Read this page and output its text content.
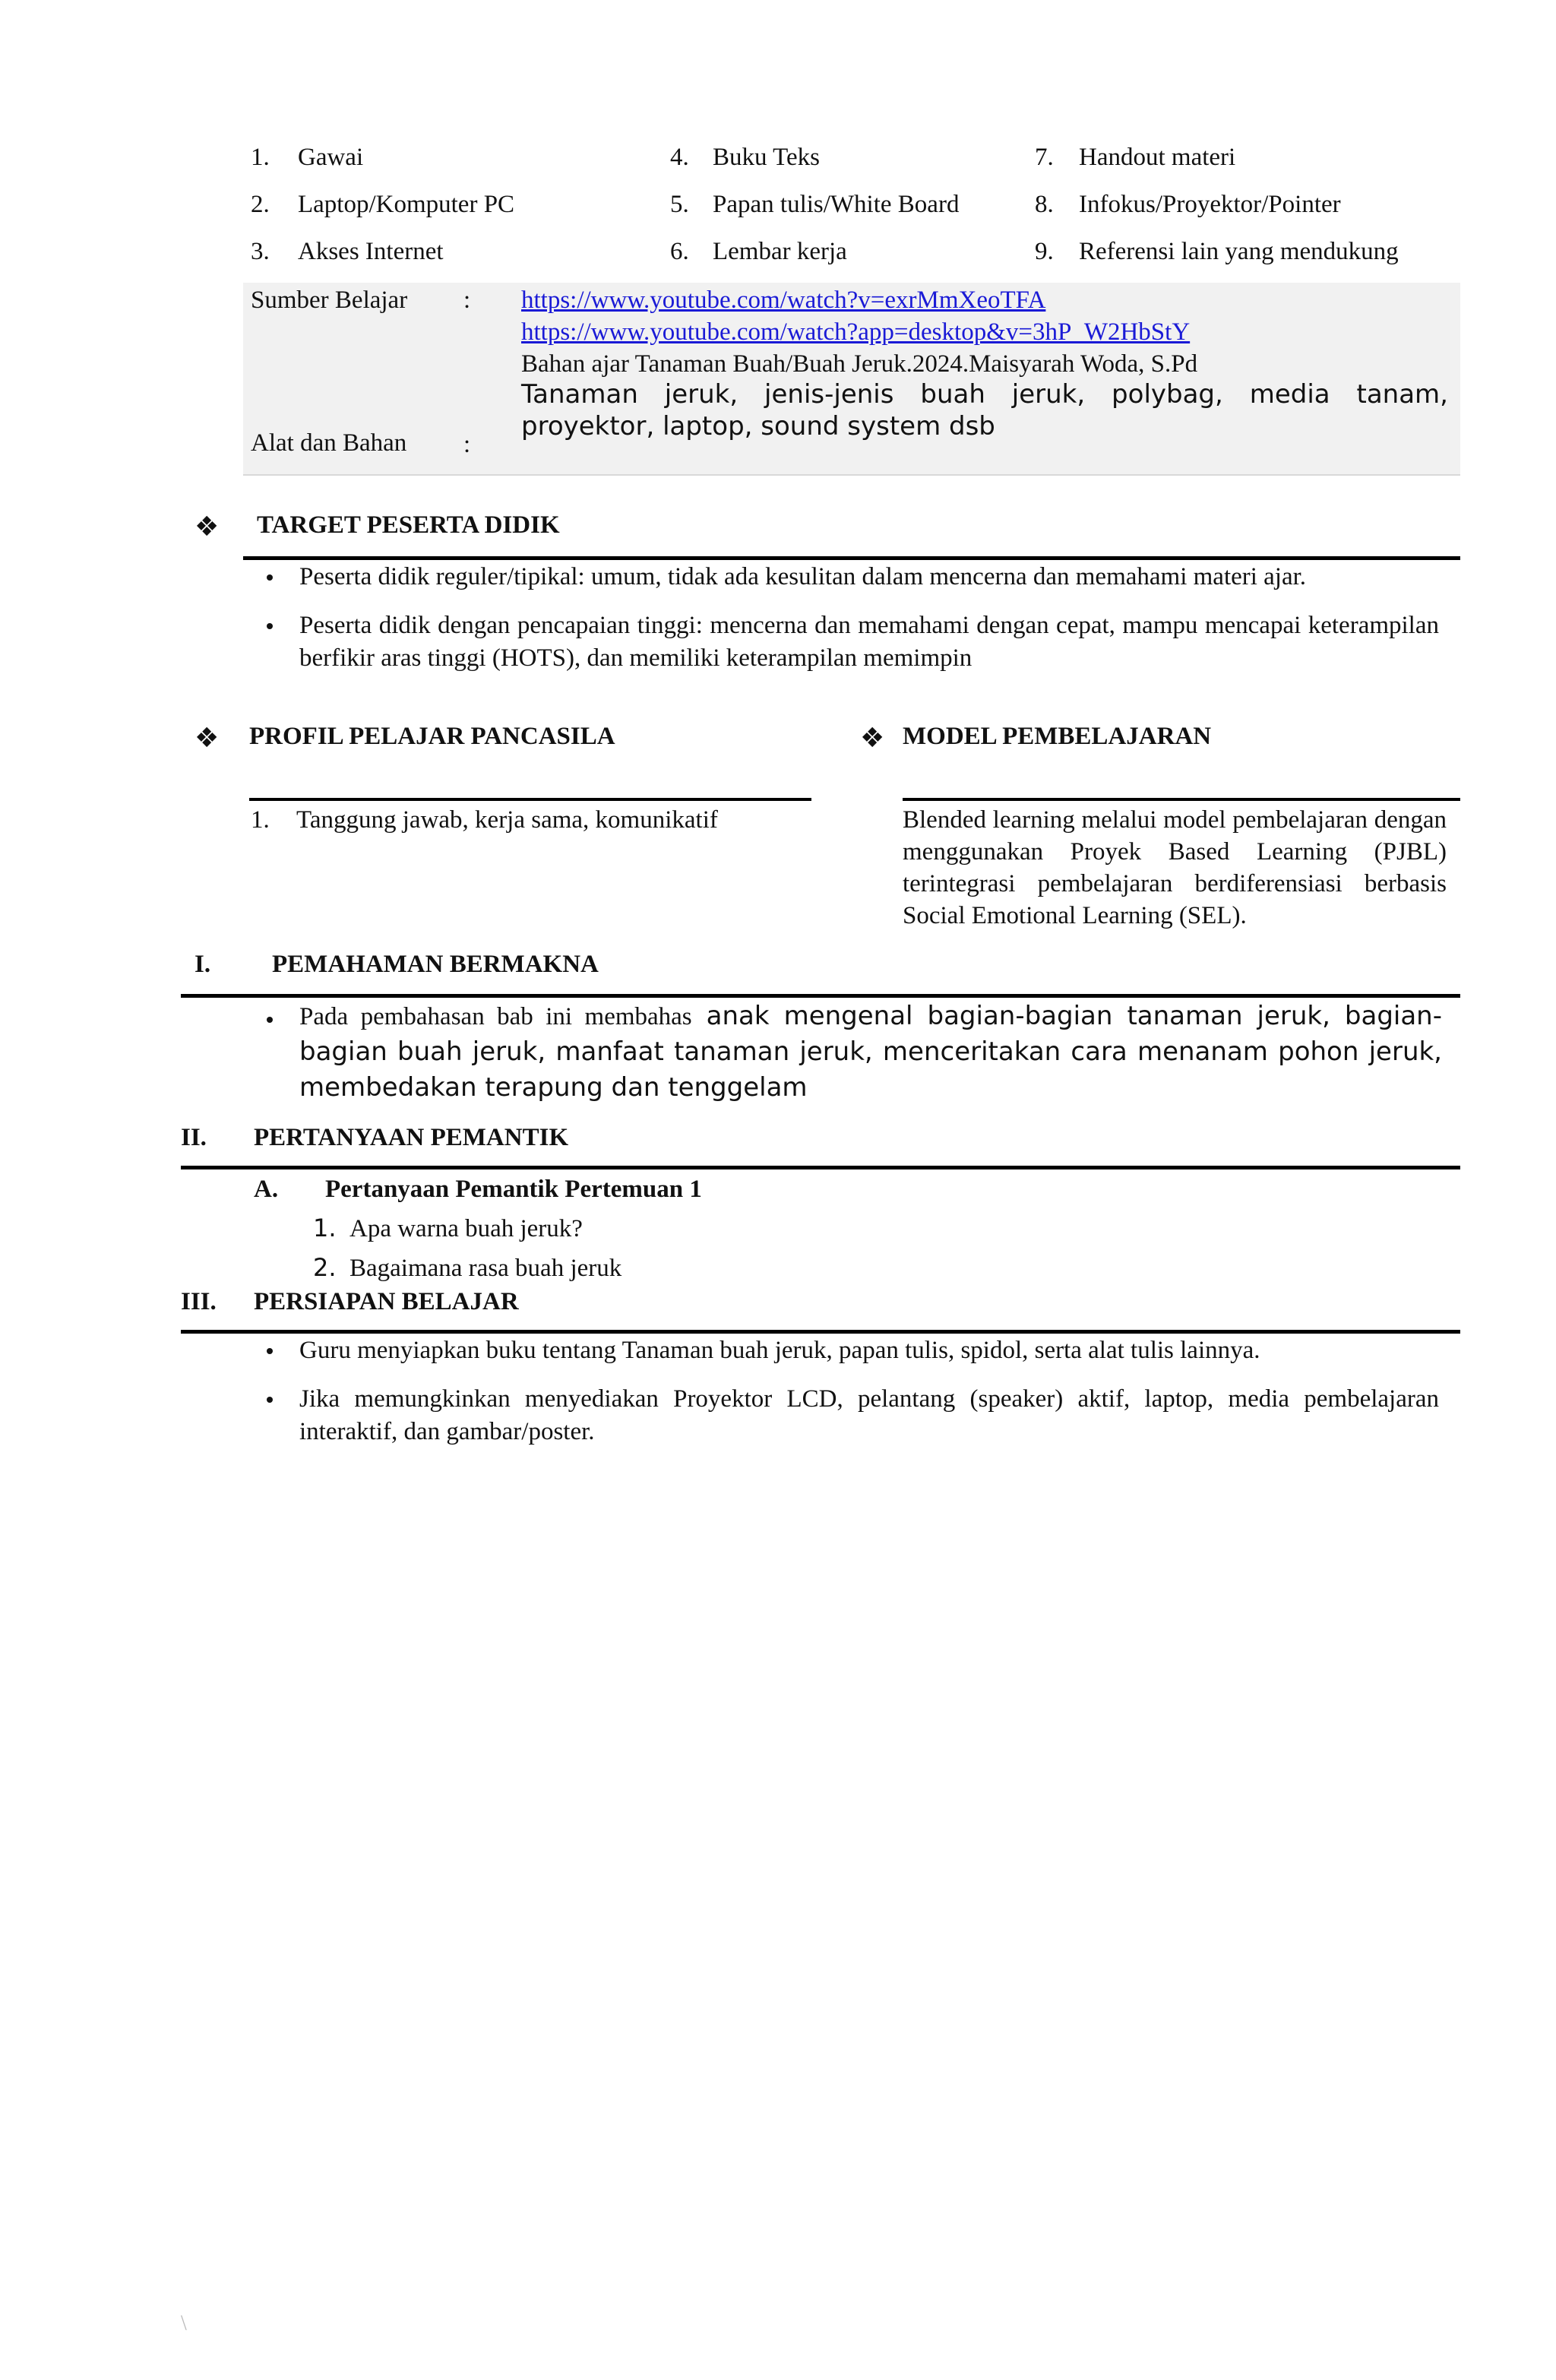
1. Gawai
2. Laptop/Komputer PC
3. Akses Internet
4. Buku Teks
5. Papan tulis/White Board
6. Lembar kerja
7. Handout materi
8. Infokus/Proyektor/Pointer
9. Referensi lain yang mendukung
Sumber Belajar : https://www.youtube.com/watch?v=exrMmXeoTFA
https://www.youtube.com/watch?app=desktop&v=3hP_W2HbStY
Bahan ajar Tanaman Buah/Buah Jeruk.2024.Maisyarah Woda, S.Pd
Tanaman jeruk, jenis-jenis buah jeruk, polybag, media tanam, proyektor, laptop, sound system dsb
Alat dan Bahan :
❖ TARGET PESERTA DIDIK
Peserta didik reguler/tipikal: umum, tidak ada kesulitan dalam mencerna dan memahami materi ajar.
Peserta didik dengan pencapaian tinggi: mencerna dan memahami dengan cepat, mampu mencapai keterampilan berfikir aras tinggi (HOTS), dan memiliki keterampilan memimpin
❖ PROFIL PELAJAR PANCASILA
1. Tanggung jawab, kerja sama, komunikatif
❖ MODEL PEMBELAJARAN
Blended learning melalui model pembelajaran dengan menggunakan Proyek Based Learning (PJBL) terintegrasi pembelajaran berdiferensiasi berbasis Social Emotional Learning (SEL).
I. PEMAHAMAN BERMAKNA
Pada pembahasan bab ini membahas anak mengenal bagian-bagian tanaman jeruk, bagian-bagian buah jeruk, manfaat tanaman jeruk, menceritakan cara menanam pohon jeruk, membedakan terapung dan tenggelam
II. PERTANYAAN PEMANTIK
A. Pertanyaan Pemantik Pertemuan 1
1. Apa warna buah jeruk?
2. Bagaimana rasa buah jeruk
III. PERSIAPAN BELAJAR
Guru menyiapkan buku tentang Tanaman buah jeruk, papan tulis, spidol, serta alat tulis lainnya.
Jika memungkinkan menyediakan Proyektor LCD, pelantang (speaker) aktif, laptop, media pembelajaran interaktif, dan gambar/poster.
\
